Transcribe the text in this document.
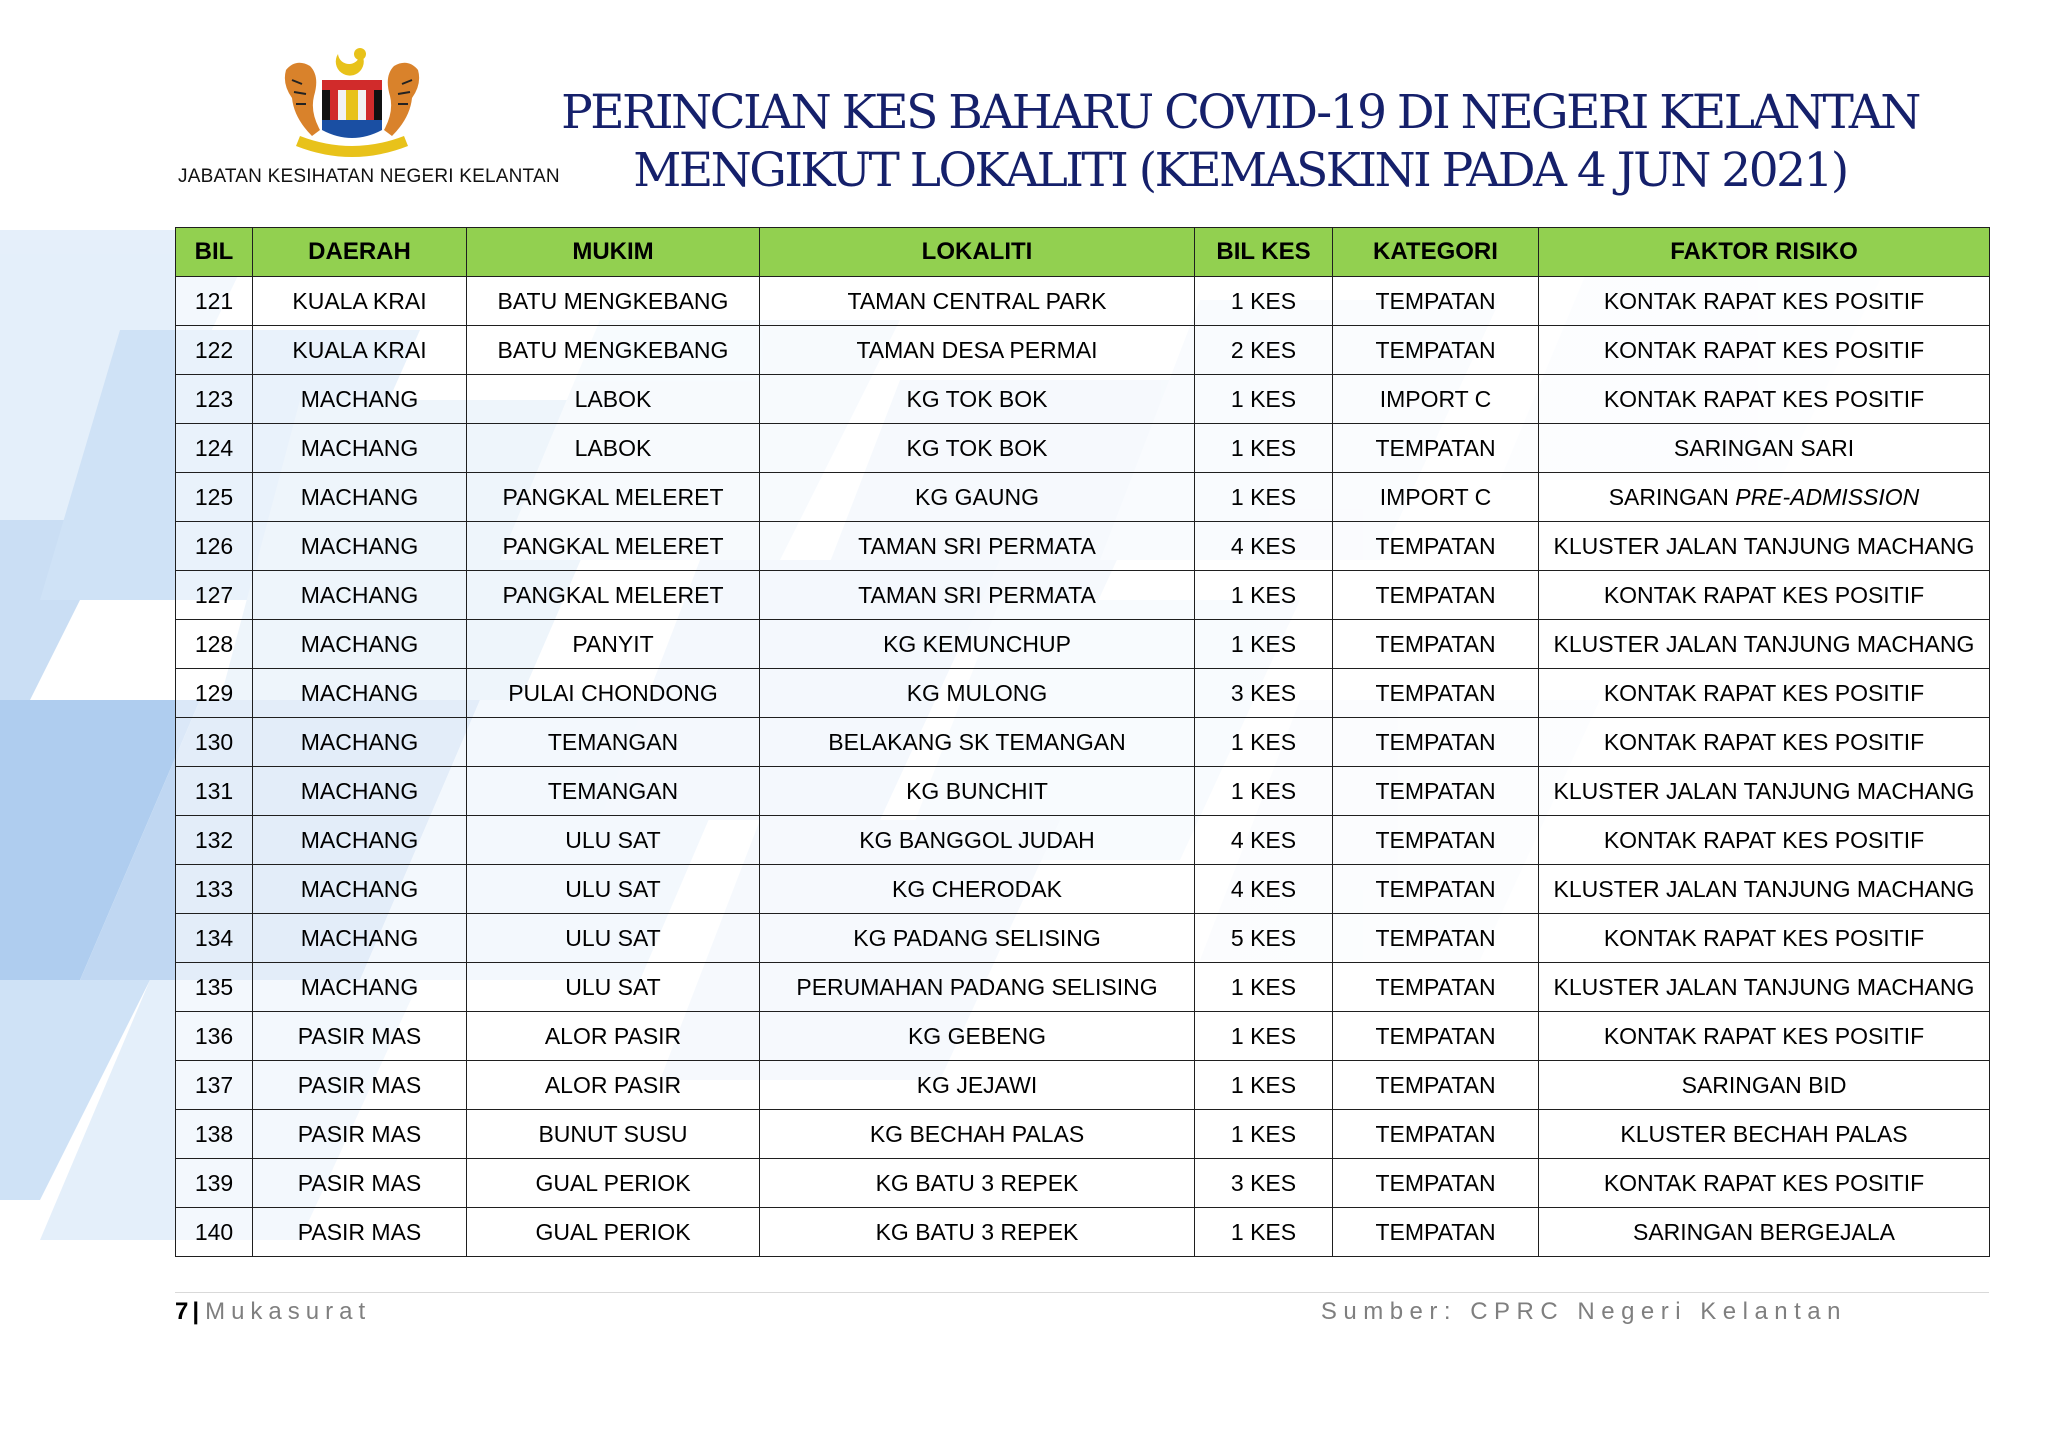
JABATAN KESIHATAN NEGERI KELANTAN
PERINCIAN KES BAHARU COVID-19 DI NEGERI KELANTAN MENGIKUT LOKALITI (KEMASKINI PADA 4 JUN 2021)
BIL	DAERAH	MUKIM	LOKALITI	BIL KES	KATEGORI	FAKTOR RISIKO
121	KUALA KRAI	BATU MENGKEBANG	TAMAN CENTRAL PARK	1 KES	TEMPATAN	KONTAK RAPAT KES POSITIF
122	KUALA KRAI	BATU MENGKEBANG	TAMAN DESA PERMAI	2 KES	TEMPATAN	KONTAK RAPAT KES POSITIF
123	MACHANG	LABOK	KG TOK BOK	1 KES	IMPORT C	KONTAK RAPAT KES POSITIF
124	MACHANG	LABOK	KG TOK BOK	1 KES	TEMPATAN	SARINGAN SARI
125	MACHANG	PANGKAL MELERET	KG GAUNG	1 KES	IMPORT C	SARINGAN PRE-ADMISSION
126	MACHANG	PANGKAL MELERET	TAMAN SRI PERMATA	4 KES	TEMPATAN	KLUSTER JALAN TANJUNG MACHANG
127	MACHANG	PANGKAL MELERET	TAMAN SRI PERMATA	1 KES	TEMPATAN	KONTAK RAPAT KES POSITIF
128	MACHANG	PANYIT	KG KEMUNCHUP	1 KES	TEMPATAN	KLUSTER JALAN TANJUNG MACHANG
129	MACHANG	PULAI CHONDONG	KG MULONG	3 KES	TEMPATAN	KONTAK RAPAT KES POSITIF
130	MACHANG	TEMANGAN	BELAKANG SK TEMANGAN	1 KES	TEMPATAN	KONTAK RAPAT KES POSITIF
131	MACHANG	TEMANGAN	KG BUNCHIT	1 KES	TEMPATAN	KLUSTER JALAN TANJUNG MACHANG
132	MACHANG	ULU SAT	KG BANGGOL JUDAH	4 KES	TEMPATAN	KONTAK RAPAT KES POSITIF
133	MACHANG	ULU SAT	KG CHERODAK	4 KES	TEMPATAN	KLUSTER JALAN TANJUNG MACHANG
134	MACHANG	ULU SAT	KG PADANG SELISING	5 KES	TEMPATAN	KONTAK RAPAT KES POSITIF
135	MACHANG	ULU SAT	PERUMAHAN PADANG SELISING	1 KES	TEMPATAN	KLUSTER JALAN TANJUNG MACHANG
136	PASIR MAS	ALOR PASIR	KG GEBENG	1 KES	TEMPATAN	KONTAK RAPAT KES POSITIF
137	PASIR MAS	ALOR PASIR	KG JEJAWI	1 KES	TEMPATAN	SARINGAN BID
138	PASIR MAS	BUNUT SUSU	KG BECHAH PALAS	1 KES	TEMPATAN	KLUSTER BECHAH PALAS
139	PASIR MAS	GUAL PERIOK	KG BATU 3 REPEK	3 KES	TEMPATAN	KONTAK RAPAT KES POSITIF
140	PASIR MAS	GUAL PERIOK	KG BATU 3 REPEK	1 KES	TEMPATAN	SARINGAN BERGEJALA
7 | Mukasurat	Sumber: CPRC Negeri Kelantan
